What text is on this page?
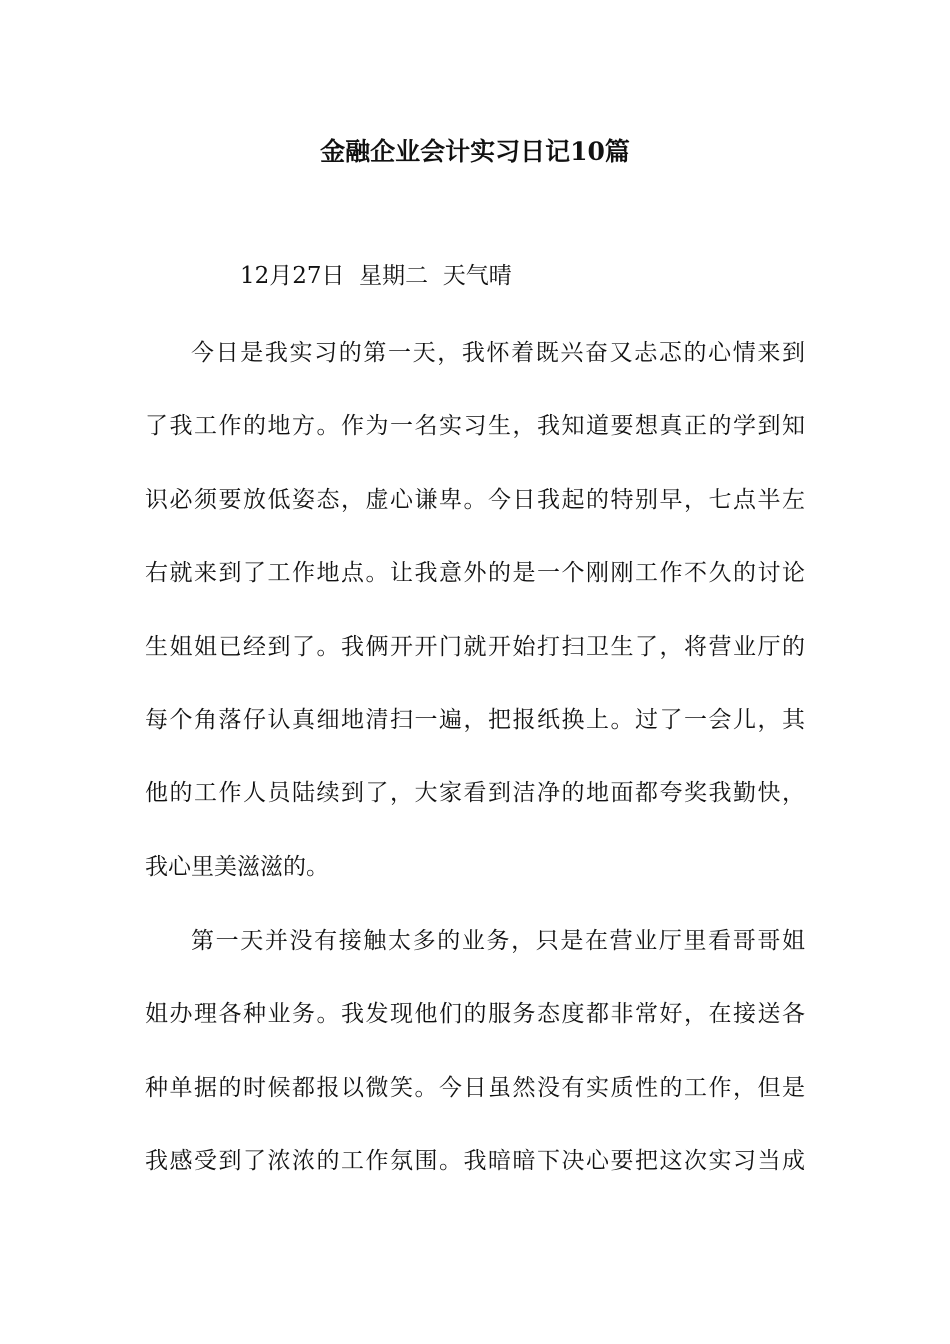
金融企业会计实习日记10篇
12月27日  星期二  天气晴
今日是我实习的第一天，我怀着既兴奋又忐忑的心情来到
了我工作的地方。作为一名实习生，我知道要想真正的学到知
识必须要放低姿态，虚心谦卑。今日我起的特别早，七点半左
右就来到了工作地点。让我意外的是一个刚刚工作不久的讨论
生姐姐已经到了。我俩开开门就开始打扫卫生了，将营业厅的
每个角落仔认真细地清扫一遍，把报纸换上。过了一会儿，其
他的工作人员陆续到了，大家看到洁净的地面都夸奖我勤快，
我心里美滋滋的。
第一天并没有接触太多的业务，只是在营业厅里看哥哥姐
姐办理各种业务。我发现他们的服务态度都非常好，在接送各
种单据的时候都报以微笑。今日虽然没有实质性的工作，但是
我感受到了浓浓的工作氛围。我暗暗下决心要把这次实习当成
